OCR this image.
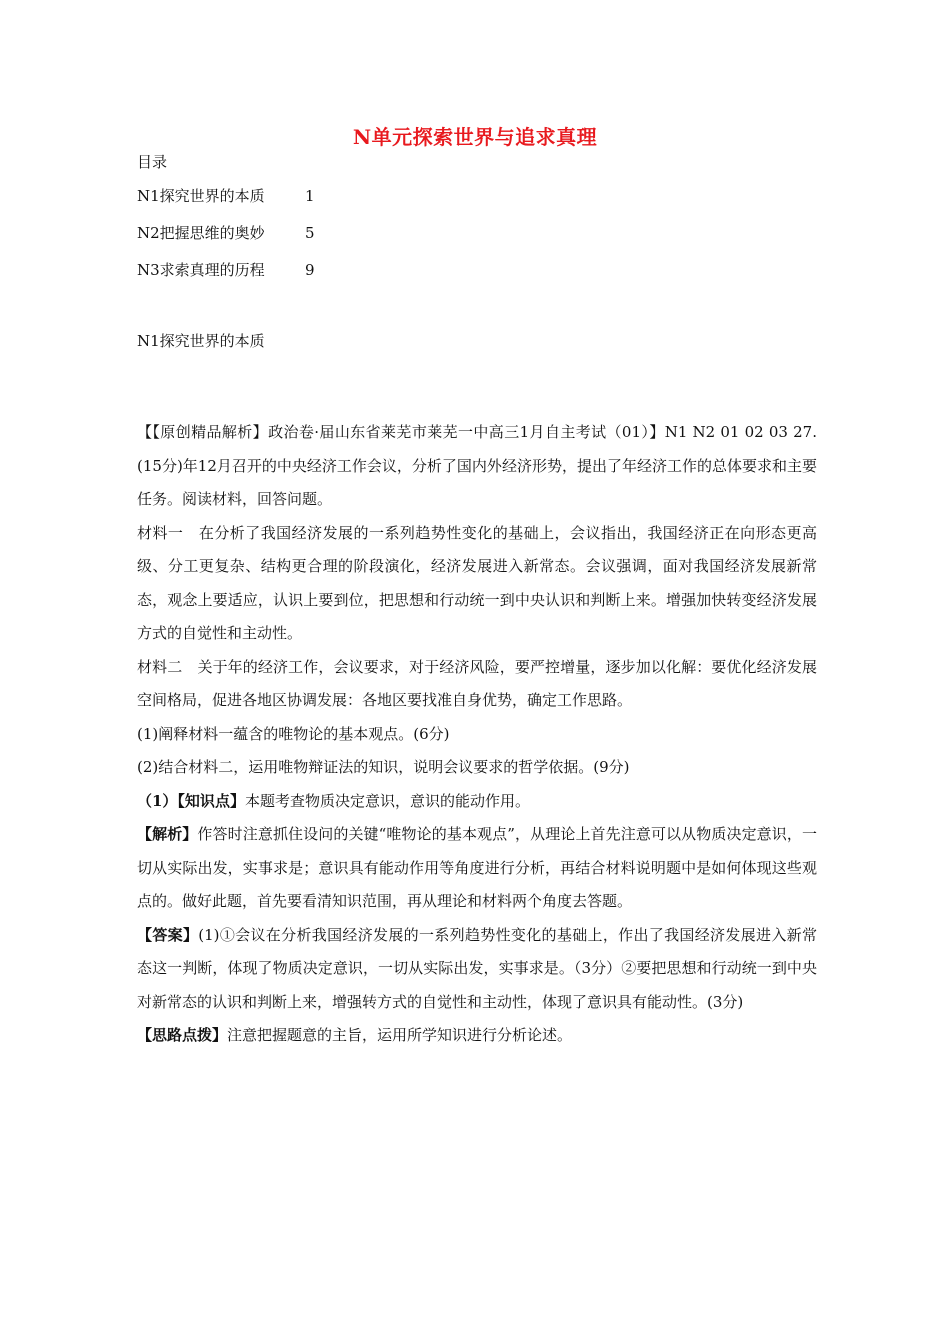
N单元探索世界与追求真理
目录
N1探究世界的本质	1
N2把握思维的奥妙	5
N3求索真理的历程	9
N1探究世界的本质

【【原创精品解析】政治卷·届山东省莱芜市莱芜一中高三1月自主考试（01）】N1 N2 01 02 03 27.(15分)年12月召开的中央经济工作会议，分析了国内外经济形势，提出了年经济工作的总体要求和主要任务。阅读材料，回答问题。

材料一　在分析了我国经济发展的一系列趋势性变化的基础上，会议指出，我国经济正在向形态更高级、分工更复杂、结构更合理的阶段演化，经济发展进入新常态。会议强调，面对我国经济发展新常态，观念上要适应，认识上要到位，把思想和行动统一到中央认识和判断上来。增强加快转变经济发展方式的自觉性和主动性。

材料二　关于年的经济工作，会议要求，对于经济风险，要严控增量，逐步加以化解：要优化经济发展空间格局，促进各地区协调发展：各地区要找准自身优势，确定工作思路。

(1)阐释材料一蕴含的唯物论的基本观点。(6分)

(2)结合材料二，运用唯物辩证法的知识，说明会议要求的哲学依据。(9分)

（1）【知识点】本题考查物质决定意识，意识的能动作用。

【解析】作答时注意抓住设问的关键“唯物论的基本观点”，从理论上首先注意可以从物质决定意识，一切从实际出发，实事求是；意识具有能动作用等角度进行分析，再结合材料说明题中是如何体现这些观点的。做好此题，首先要看清知识范围，再从理论和材料两个角度去答题。

【答案】(1)①会议在分析我国经济发展的一系列趋势性变化的基础上，作出了我国经济发展进入新常态这一判断，体现了物质决定意识，一切从实际出发，实事求是。（3分）②要把思想和行动统一到中央对新常态的认识和判断上来，增强转方式的自觉性和主动性，体现了意识具有能动性。(3分)

【思路点拨】注意把握题意的主旨，运用所学知识进行分析论述。
